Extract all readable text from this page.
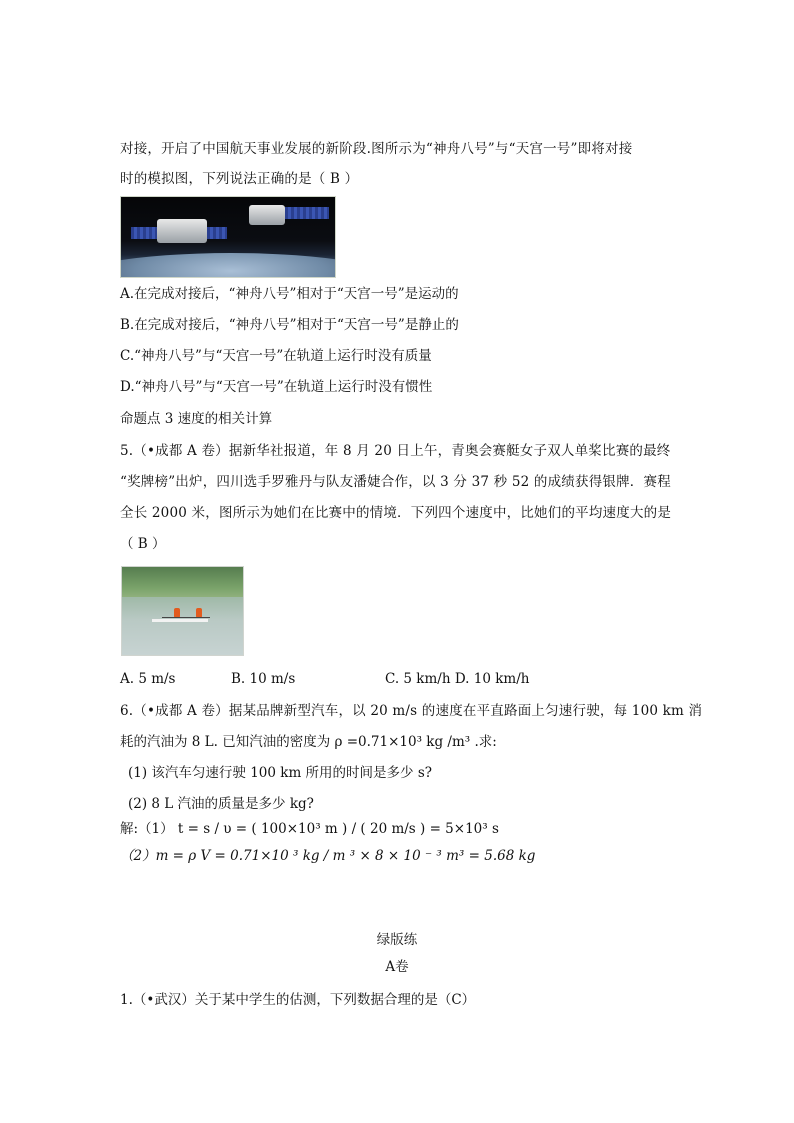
对接，开启了中国航天事业发展的新阶段.图所示为“神舟八号”与“天宫一号”即将对接
时的模拟图，下列说法正确的是（ B ）
A.在完成对接后，“神舟八号”相对于“天宫一号”是运动的
B.在完成对接后，“神舟八号”相对于“天宫一号”是静止的
C.“神舟八号”与“天宫一号”在轨道上运行时没有质量
D.“神舟八号”与“天宫一号”在轨道上运行时没有惯性
命题点 3 速度的相关计算
5.（•成都 A 卷）据新华社报道，年 8 月 20 日上午，青奥会赛艇女子双人单桨比赛的最终
“奖牌榜”出炉，四川选手罗雅丹与队友潘婕合作，以 3 分 37 秒 52 的成绩获得银牌．赛程
全长 2000 米，图所示为她们在比赛中的情境．下列四个速度中，比她们的平均速度大的是
（ B ）
A. 5 m/s	B. 10 m/s	C. 5 km/h D. 10 km/h
6.（•成都 A 卷）据某品牌新型汽车，以 20 m/s 的速度在平直路面上匀速行驶，每 100 km 消
耗的汽油为 8 L. 已知汽油的密度为 ρ =0.71×10³ kg /m³ .求:
(1) 该汽车匀速行驶 100 km 所用的时间是多少 s?
(2) 8 L 汽油的质量是多少 kg?
解:（1） t = s / υ = ( 100×10³ m ) / ( 20 m/s ) = 5×10³ s
（2）m = ρ V = 0.71×10 ³ kg / m ³ × 8 × 10 ⁻ ³ m³ = 5.68 kg
绿版练
A卷
1.（•武汉）关于某中学生的估测，下列数据合理的是（C）
